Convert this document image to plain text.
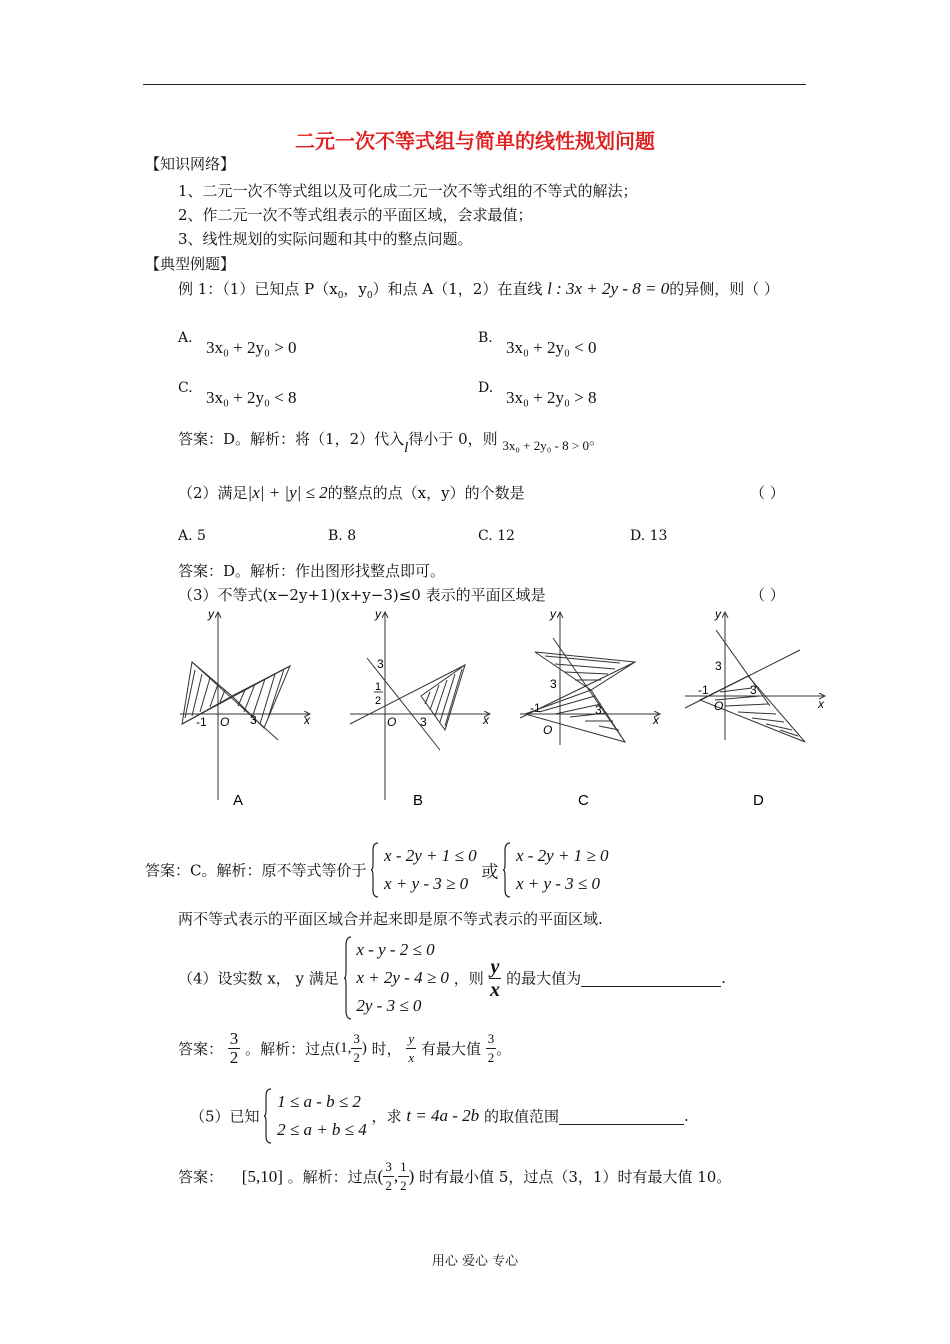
二元一次不等式组与简单的线性规划问题
【知识网络】
1、二元一次不等式组以及可化成二元一次不等式组的不等式的解法；
2、作二元一次不等式组表示的平面区域，会求最值；
3、线性规划的实际问题和其中的整点问题。
【典型例题】
例 1：（1）已知点 $P(x_0$，$y_0$）和点 A（1，2）在直线 l : 3x + 2y - 8 = 0的异侧，则（ ）
A. 3x₀ + 2y₀ > 0	B. 3x₀ + 2y₀ < 0
C. 3x₀ + 2y₀ < 8	D. 3x₀ + 2y₀ > 8
答案：D。解析：将（1，2）代入l得小于 0，则 3x₀ + 2y₀ - 8 > 0。
（2）满足|x| + |y| ≤ 2的整点的点（x，y）的个数是	（ ）
A. 5	B. 8	C. 12	D. 13
答案：D。解析：作出图形找整点即可。
（3）不等式(x−2y+1)(x+y−3)≤0 表示的平面区域是	（ ）
x
y
-1 O 3
A
x
y
3
1
2
O 3
B
x
y
3
-1	3
O
C
x
y
3
-1	3
O
D
答案：C。解析：原不等式等价于  x - 2y + 1 ≤ 0
x + y - 3 ≥ 0 或  x - 2y + 1 ≥ 0
x + y - 3 ≤ 0
两不等式表示的平面区域合并起来即是原不等式表示的平面区域.
（4）设实数 x， y 满足  x - y - 2 ≤ 0
x + 2y - 4 ≥ 0
2y - 3 ≤ 0 ，则 $\frac{y}{x}$ 的最大值为	.
答案： $\frac{3}{2}$ 。解析：过点(1, $\frac{3}{2}$ ) 时， $\frac{y}{x}$ 有最大值 $\frac{3}{2}$ 。
（5）已知  1 ≤ a - b ≤ 2
2 ≤ a + b ≤ 4 ，求 t = 4a - 2b 的取值范围	.
答案： [5,10] 。解析：过点( $\frac{3}{2}$ , $\frac{1}{2}$ ) 时有最小值 5，过点（3，1）时有最大值 10。
用心 爱心 专心
